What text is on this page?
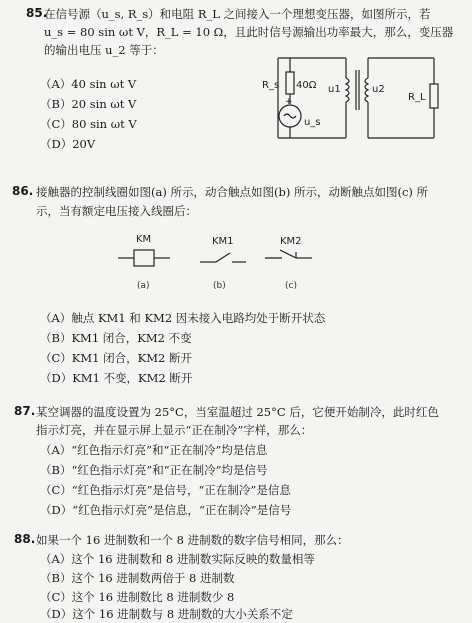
85.
在信号源（u_s, R_s）和电阻 R_L 之间接入一个理想变压器，如图所示，若
u_s = 80 sin ωt V，R_L = 10 Ω，且此时信号源输出功率最大，那么，变压器
的输出电压 u_2 等于：
（A）40 sin ωt V
（B）20 sin ωt V
（C）80 sin ωt V
（D）20V
R_s 40Ω
+
u_s
u1	u2
R_L
86. 接触器的控制线圈如图(a) 所示，动合触点如图(b) 所示，动断触点如图(c) 所
示，当有额定电压接入线圈后：
KM	KM1	KM2
(a)	(b)	(c)
（A）触点 KM1 和 KM2 因未接入电路均处于断开状态
（B）KM1 闭合，KM2 不变
（C）KM1 闭合，KM2 断开
（D）KM1 不变，KM2 断开
87. 某空调器的温度设置为 25°C，当室温超过 25°C 后，它便开始制冷，此时红色
指示灯亮，并在显示屏上显示“正在制冷”字样，那么：
（A）“红色指示灯亮”和“正在制冷”均是信息
（B）“红色指示灯亮”和“正在制冷”均是信号
（C）“红色指示灯亮”是信号，“正在制冷”是信息
（D）“红色指示灯亮”是信息，“正在制冷”是信号
88. 如果一个 16 进制数和一个 8 进制数的数字信号相同，那么：
（A）这个 16 进制数和 8 进制数实际反映的数量相等
（B）这个 16 进制数两倍于 8 进制数
（C）这个 16 进制数比 8 进制数少 8
（D）这个 16 进制数与 8 进制数的大小关系不定
